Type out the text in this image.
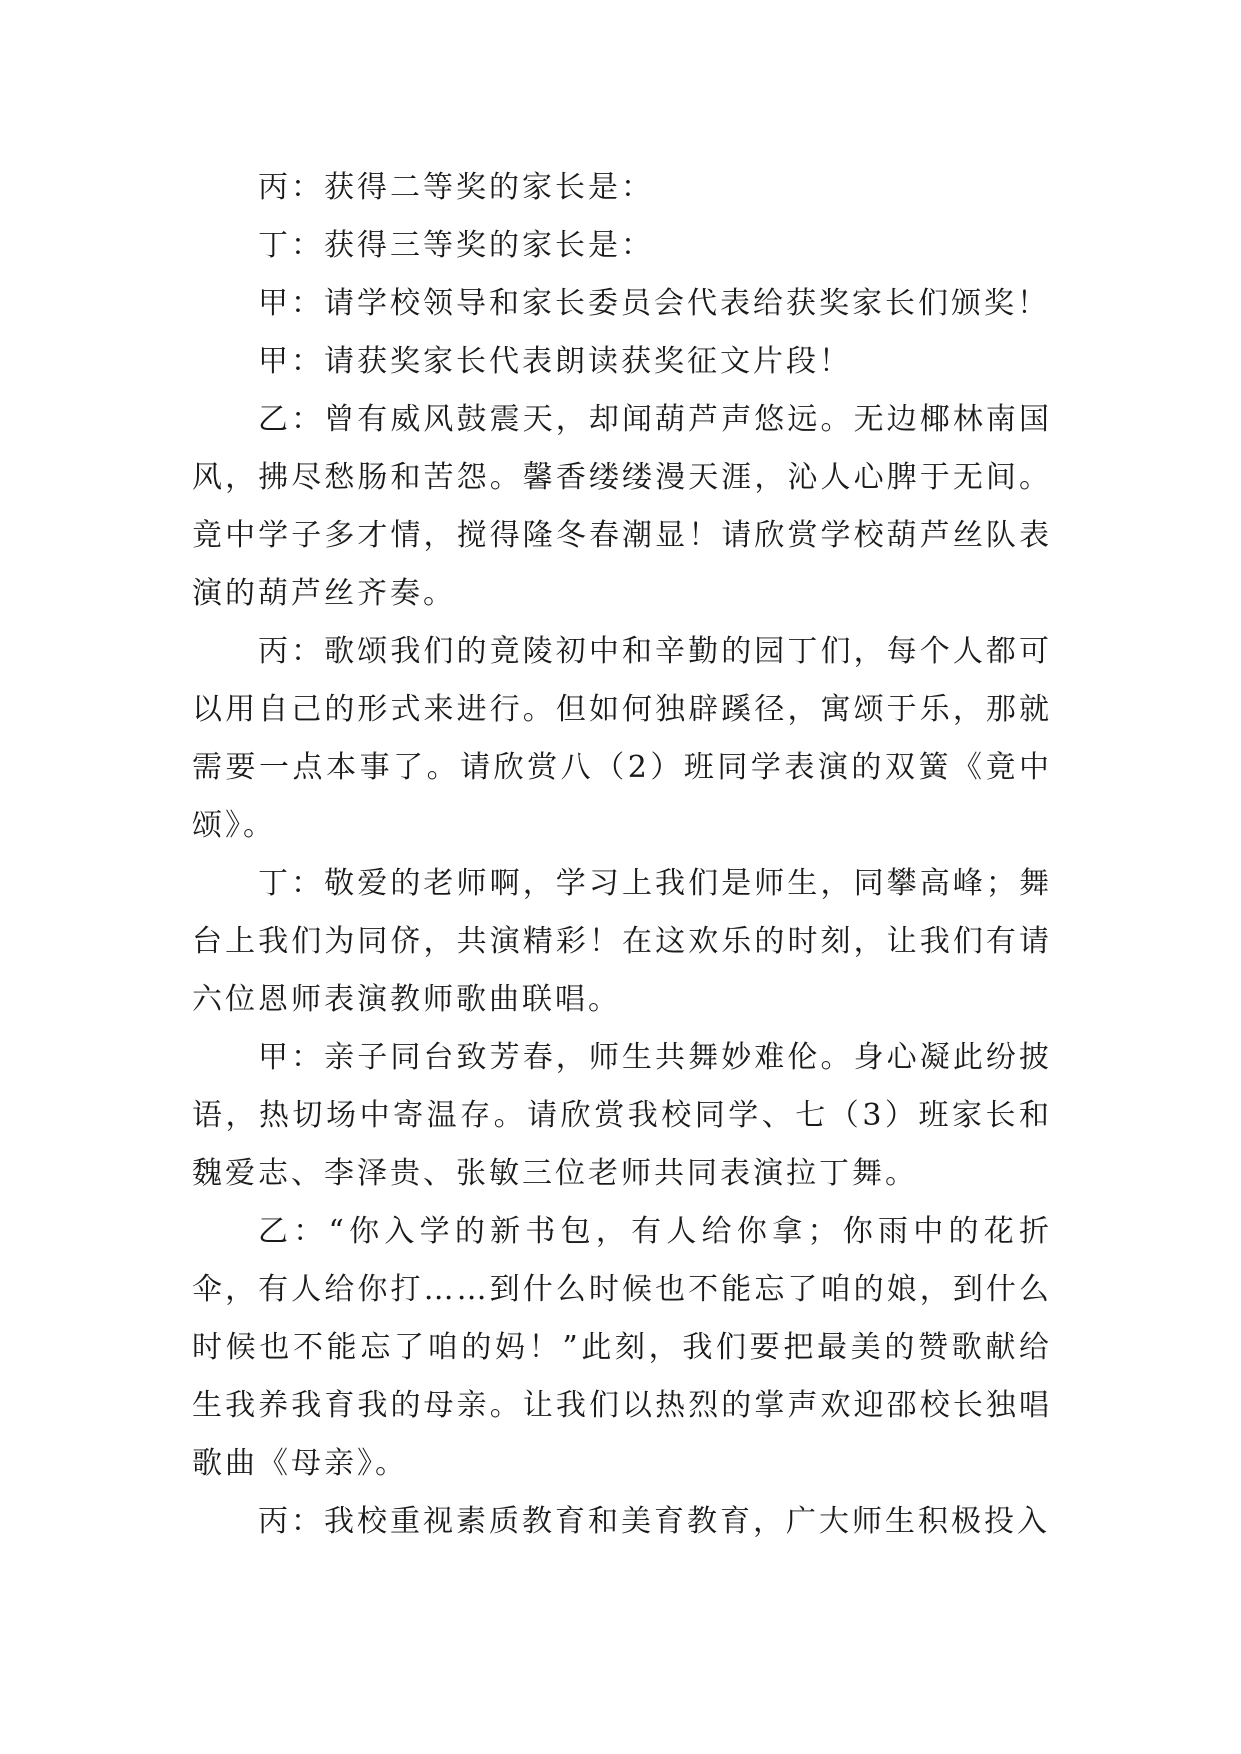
丙：获得二等奖的家长是：

丁：获得三等奖的家长是：

甲：请学校领导和家长委员会代表给获奖家长们颁奖！

甲：请获奖家长代表朗读获奖征文片段！

乙：曾有威风鼓震天，却闻葫芦声悠远。无边椰林南国风，拂尽愁肠和苦怨。馨香缕缕漫天涯，沁人心脾于无间。竟中学子多才情，搅得隆冬春潮显！请欣赏学校葫芦丝队表演的葫芦丝齐奏。

丙：歌颂我们的竟陵初中和辛勤的园丁们，每个人都可以用自己的形式来进行。但如何独辟蹊径，寓颂于乐，那就需要一点本事了。请欣赏八（2）班同学表演的双簧《竟中颂》。

丁：敬爱的老师啊，学习上我们是师生，同攀高峰；舞台上我们为同侪，共演精彩！在这欢乐的时刻，让我们有请六位恩师表演教师歌曲联唱。

甲：亲子同台致芳春，师生共舞妙难伦。身心凝此纷披语，热切场中寄温存。请欣赏我校同学、七（3）班家长和魏爱志、李泽贵、张敏三位老师共同表演拉丁舞。

乙：“你入学的新书包，有人给你拿；你雨中的花折伞，有人给你打……到什么时候也不能忘了咱的娘，到什么时候也不能忘了咱的妈！”此刻，我们要把最美的赞歌献给生我养我育我的母亲。让我们以热烈的掌声欢迎邵校长独唱歌曲《母亲》。

丙：我校重视素质教育和美育教育，广大师生积极投入
